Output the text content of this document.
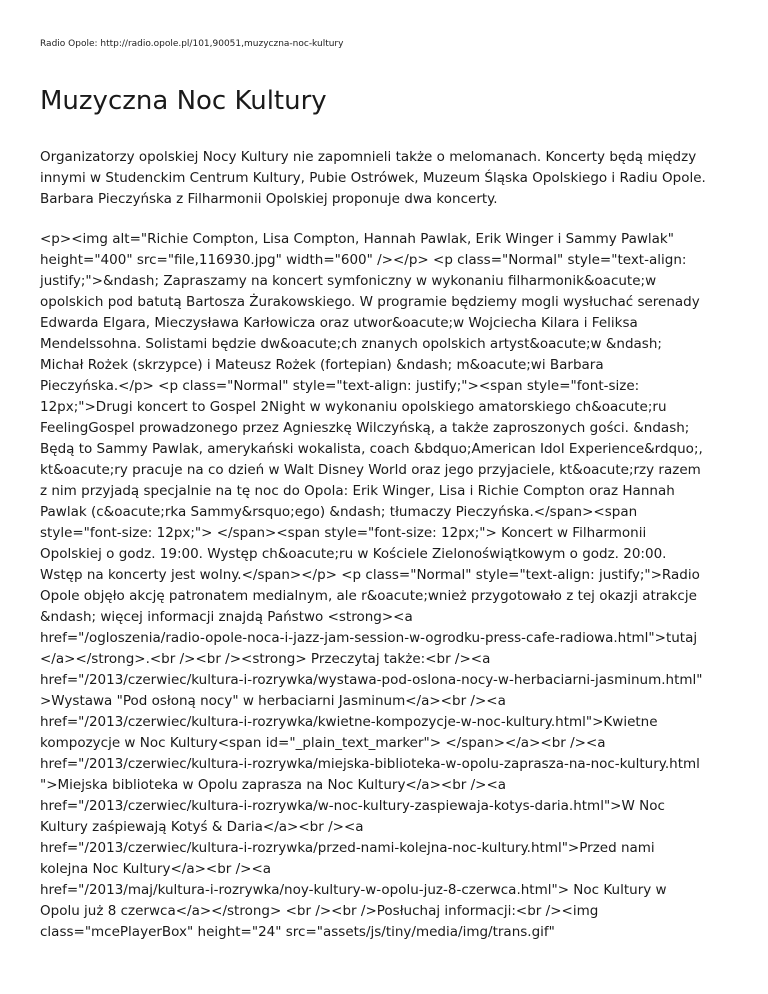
Radio Opole: http://radio.opole.pl/101,90051,muzyczna-noc-kultury
Muzyczna Noc Kultury

Organizatorzy opolskiej Nocy Kultury nie zapomnieli także o melomanach. Koncerty będą między innymi w Studenckim Centrum Kultury, Pubie Ostrówek, Muzeum Śląska Opolskiego i Radiu Opole. Barbara Pieczyńska z Filharmonii Opolskiej proponuje dwa koncerty.

<p><img alt="Richie Compton, Lisa Compton, Hannah Pawlak, Erik Winger i Sammy Pawlak"
height="400" src="file,116930.jpg" width="600" /></p> <p class="Normal" style="text-align:
justify;">&ndash; Zapraszamy na koncert symfoniczny w wykonaniu filharmonik&oacute;w
opolskich pod batutą Bartosza Żurakowskiego. W programie będziemy mogli wysłuchać serenady
Edwarda Elgara, Mieczysława Karłowicza oraz utwor&oacute;w Wojciecha Kilara i Feliksa
Mendelssohna. Solistami będzie dw&oacute;ch znanych opolskich artyst&oacute;w &ndash;
Michał Rożek (skrzypce) i Mateusz Rożek (fortepian) &ndash; m&oacute;wi Barbara
Pieczyńska.</p> <p class="Normal" style="text-align: justify;"><span style="font-size:
12px;">Drugi koncert to Gospel 2Night w wykonaniu opolskiego amatorskiego ch&oacute;ru
FeelingGospel prowadzonego przez Agnieszkę Wilczyńską, a także zaproszonych gości. &ndash;
Będą to Sammy Pawlak, amerykański wokalista, coach &bdquo;American Idol Experience&rdquo;,
kt&oacute;ry pracuje na co dzień w Walt Disney World oraz jego przyjaciele, kt&oacute;rzy razem
z nim przyjadą specjalnie na tę noc do Opola: Erik Winger, Lisa i Richie Compton oraz Hannah
Pawlak (c&oacute;rka Sammy&rsquo;ego) &ndash; tłumaczy Pieczyńska.</span><span
style="font-size: 12px;"> </span><span style="font-size: 12px;"> Koncert w Filharmonii
Opolskiej o godz. 19:00. Występ ch&oacute;ru w Kościele Zielonoświątkowym o godz. 20:00.
Wstęp na koncerty jest wolny.</span></p> <p class="Normal" style="text-align: justify;">Radio
Opole objęło akcję patronatem medialnym, ale r&oacute;wnież przygotowało z tej okazji atrakcje
&ndash; więcej informacji znajdą Państwo <strong><a
href="/ogloszenia/radio-opole-noca-i-jazz-jam-session-w-ogrodku-press-cafe-radiowa.html">tutaj
</a></strong>.<br /><br /><strong> Przeczytaj także:<br /><a
href="/2013/czerwiec/kultura-i-rozrywka/wystawa-pod-oslona-nocy-w-herbaciarni-jasminum.html"
>Wystawa "Pod osłoną nocy" w herbaciarni Jasminum</a><br /><a
href="/2013/czerwiec/kultura-i-rozrywka/kwietne-kompozycje-w-noc-kultury.html">Kwietne
kompozycje w Noc Kultury<span id="_plain_text_marker"> </span></a><br /><a
href="/2013/czerwiec/kultura-i-rozrywka/miejska-biblioteka-w-opolu-zaprasza-na-noc-kultury.html
">Miejska biblioteka w Opolu zaprasza na Noc Kultury</a><br /><a
href="/2013/czerwiec/kultura-i-rozrywka/w-noc-kultury-zaspiewaja-kotys-daria.html">W Noc
Kultury zaśpiewają Kotyś & Daria</a><br /><a
href="/2013/czerwiec/kultura-i-rozrywka/przed-nami-kolejna-noc-kultury.html">Przed nami
kolejna Noc Kultury</a><br /><a
href="/2013/maj/kultura-i-rozrywka/noy-kultury-w-opolu-juz-8-czerwca.html"> Noc Kultury w
Opolu już 8 czerwca</a></strong> <br /><br />Posłuchaj informacji:<br /><img
class="mcePlayerBox" height="24" src="assets/js/tiny/media/img/trans.gif"
